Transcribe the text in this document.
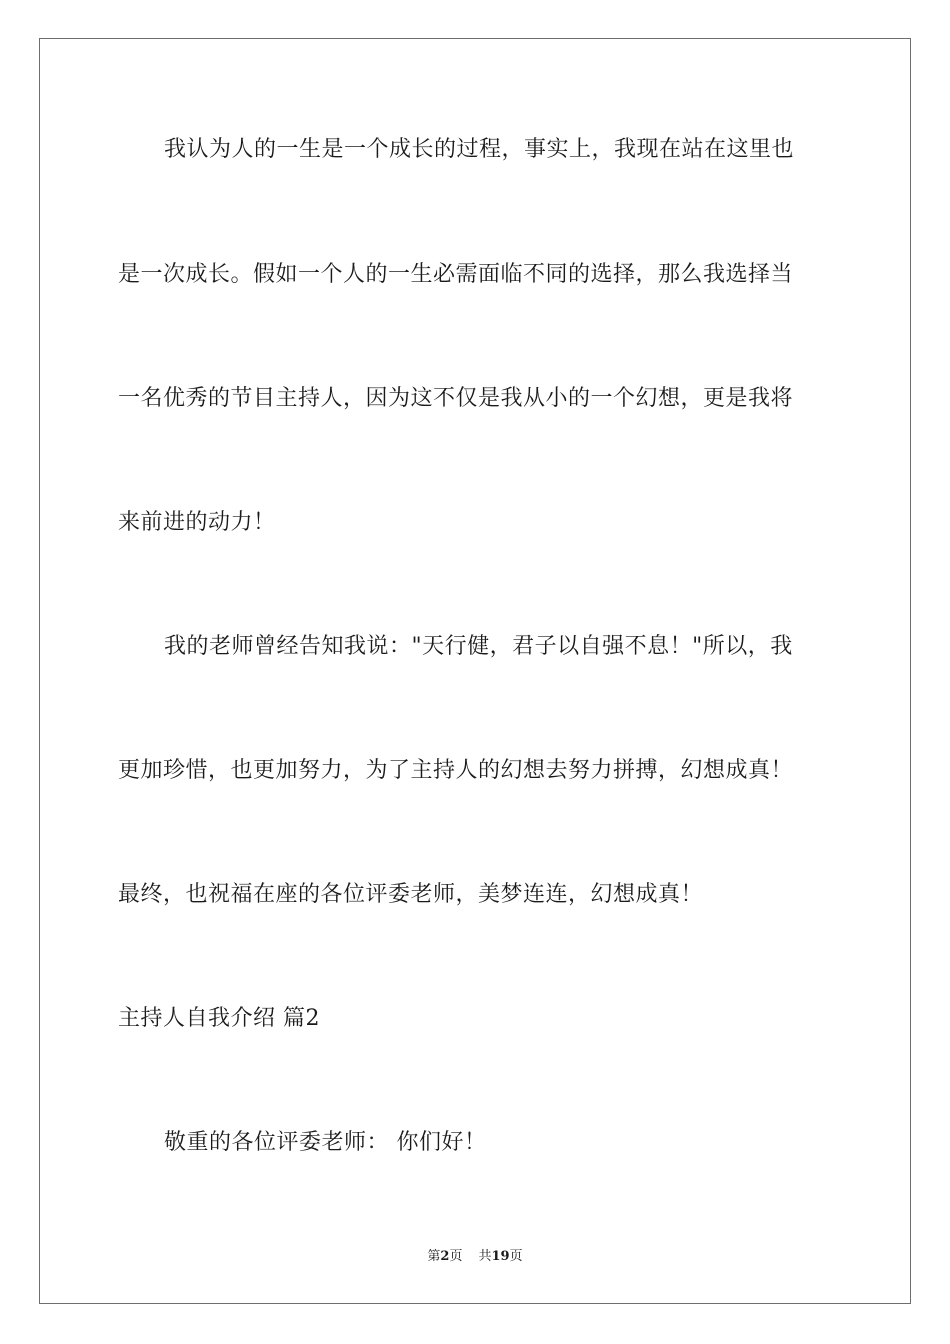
我认为人的一生是一个成长的过程，事实上，我现在站在这里也
是一次成长。假如一个人的一生必需面临不同的选择，那么我选择当
一名优秀的节目主持人，因为这不仅是我从小的一个幻想，更是我将
来前进的动力！
我的老师曾经告知我说："天行健，君子以自强不息！"所以，我
更加珍惜，也更加努力，为了主持人的幻想去努力拼搏，幻想成真！
最终，也祝福在座的各位评委老师，美梦连连，幻想成真！
主持人自我介绍 篇2
敬重的各位评委老师： 你们好！
第2页 共19页
